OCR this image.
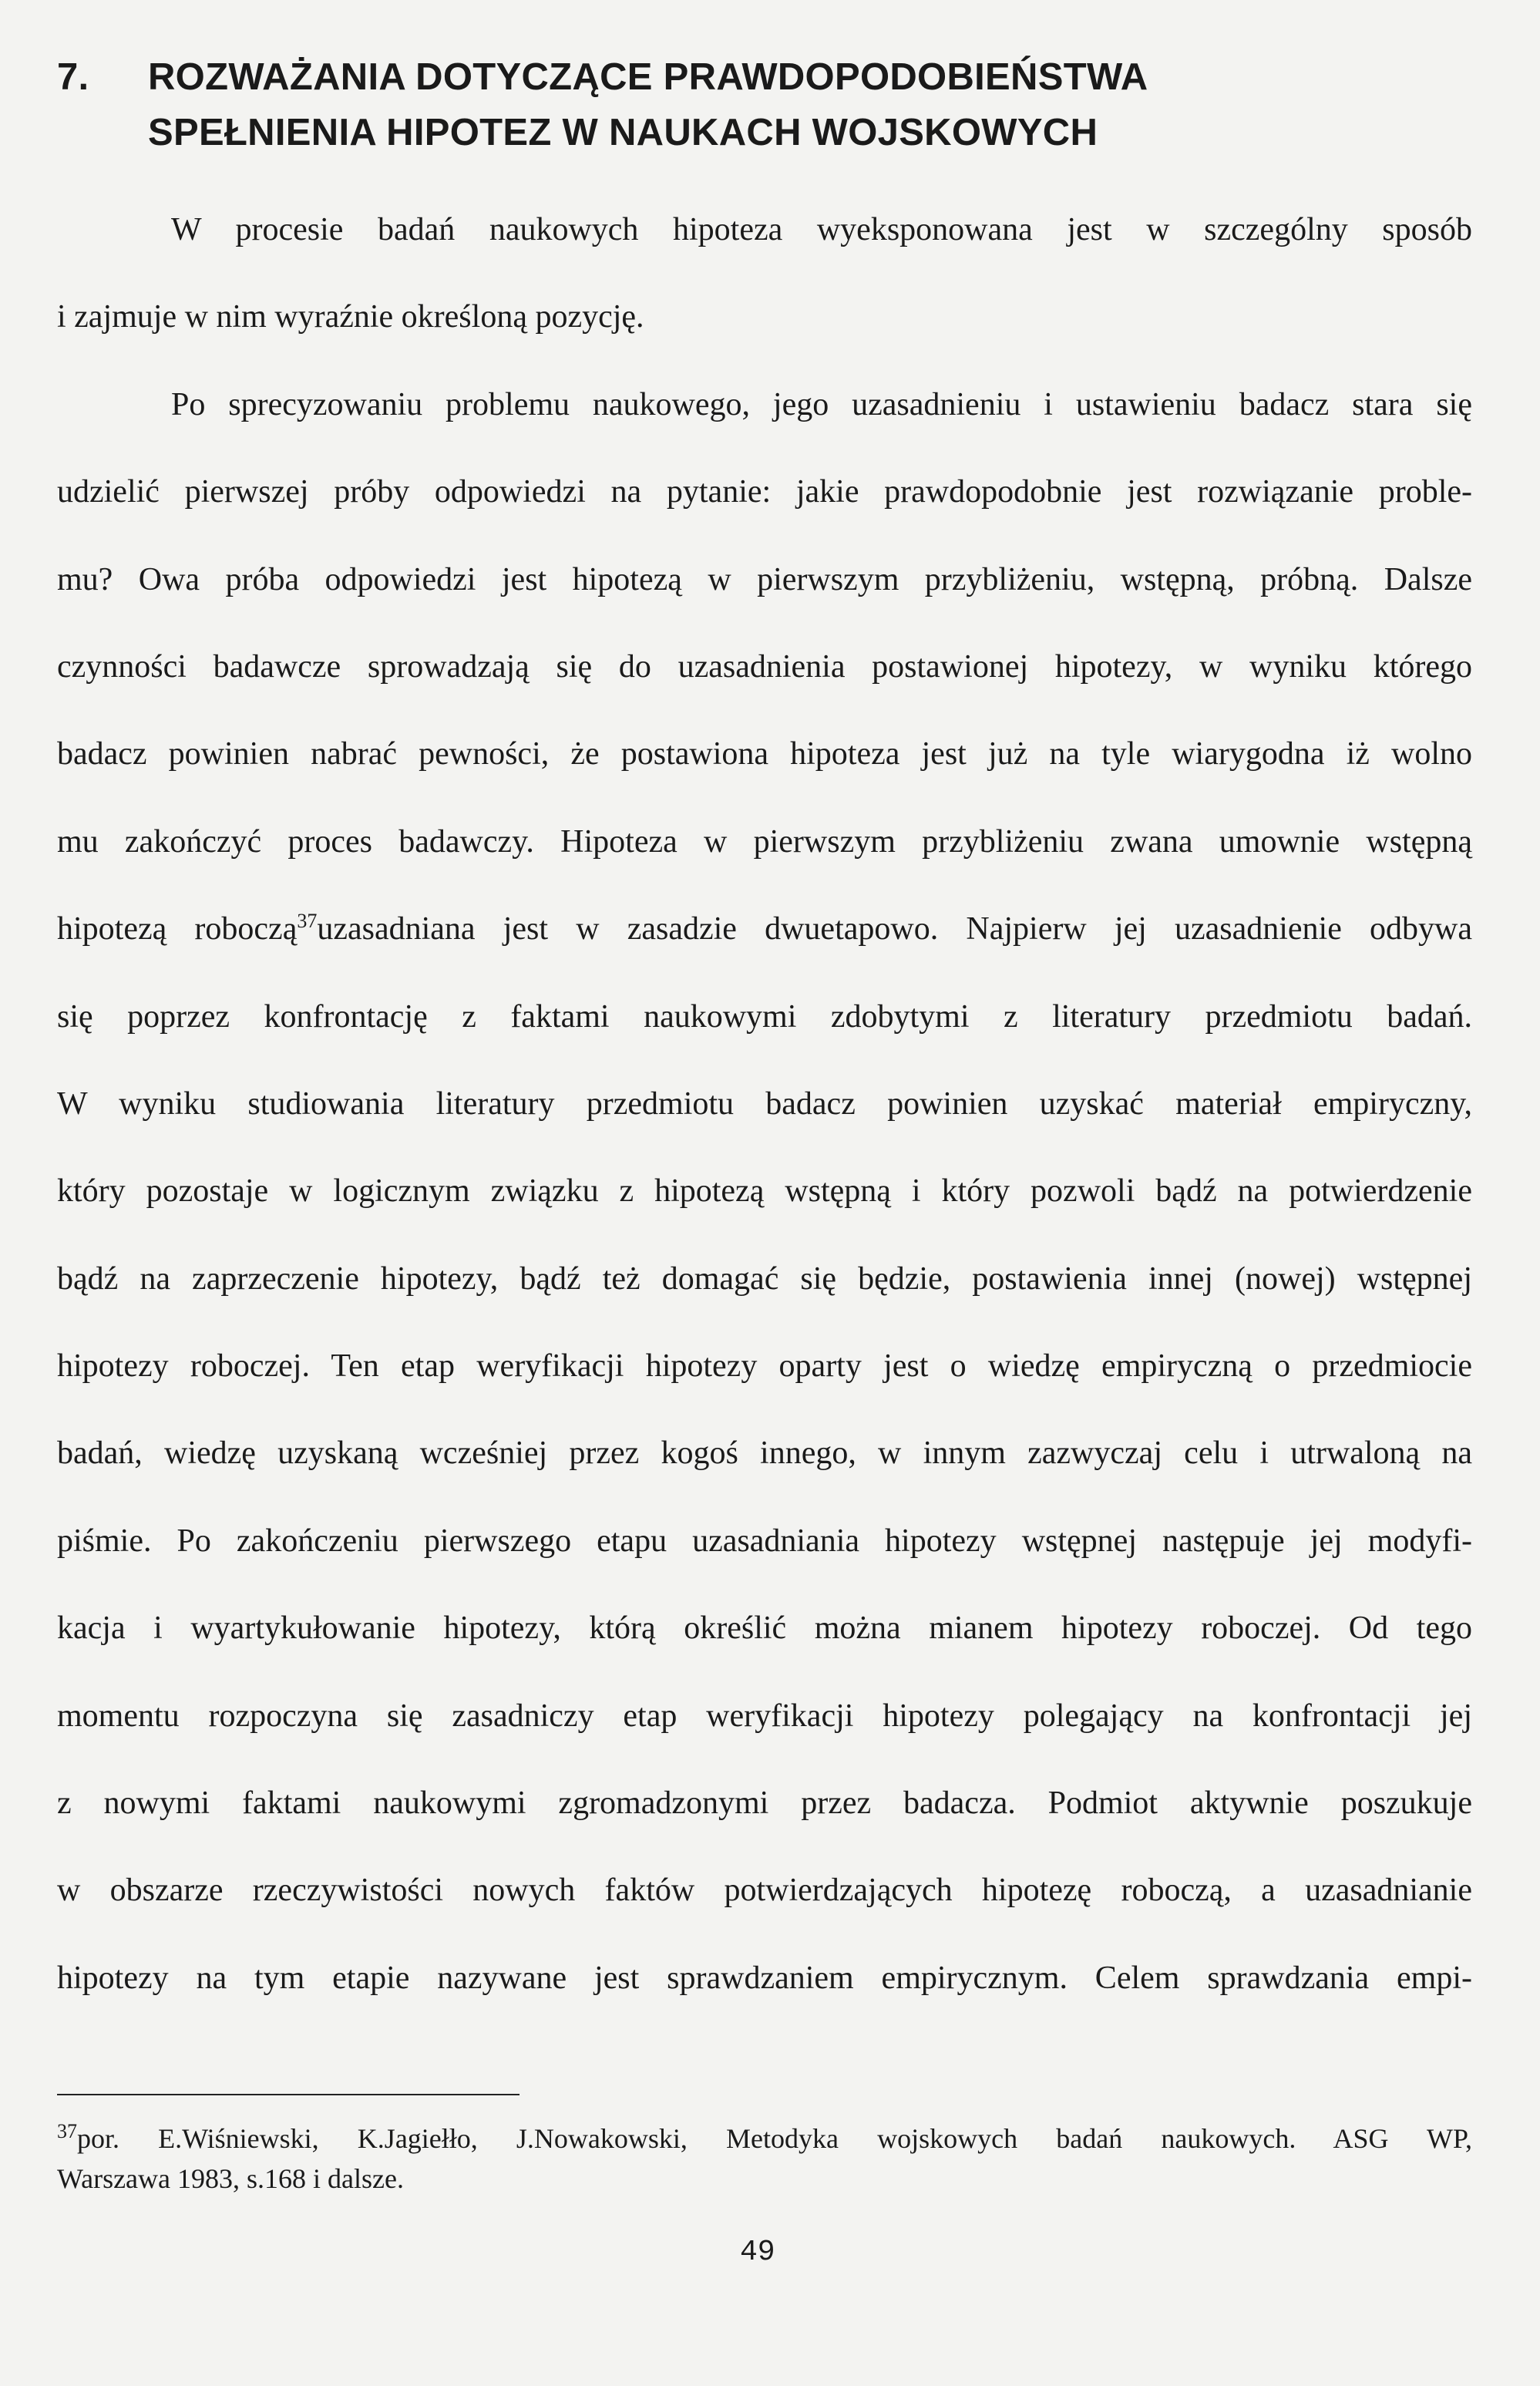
7. ROZWAŻANIA DOTYCZĄCE PRAWDOPODOBIEŃSTWA
SPEŁNIENIA HIPOTEZ W NAUKACH WOJSKOWYCH
W procesie badań naukowych hipoteza wyeksponowana jest w szczególny sposób
i zajmuje w nim wyraźnie określoną pozycję.
Po sprecyzowaniu problemu naukowego, jego uzasadnieniu i ustawieniu badacz stara się
udzielić pierwszej próby odpowiedzi na pytanie: jakie prawdopodobnie jest rozwiązanie proble-
mu? Owa próba odpowiedzi jest hipotezą w pierwszym przybliżeniu, wstępną, próbną. Dalsze
czynności badawcze sprowadzają się do uzasadnienia postawionej hipotezy, w wyniku którego
badacz powinien nabrać pewności, że postawiona hipoteza jest już na tyle wiarygodna iż wolno
mu zakończyć proces badawczy. Hipoteza w pierwszym przybliżeniu zwana umownie wstępną
hipotezą roboczą$^{37}$uzasadniana jest w zasadzie dwuetapowo. Najpierw jej uzasadnienie odbywa
się poprzez konfrontację z faktami naukowymi zdobytymi z literatury przedmiotu badań.
W wyniku studiowania literatury przedmiotu badacz powinien uzyskać materiał empiryczny,
który pozostaje w logicznym związku z hipotezą wstępną i który pozwoli bądź na potwierdzenie
bądź na zaprzeczenie hipotezy, bądź też domagać się będzie, postawienia innej (nowej) wstępnej
hipotezy roboczej. Ten etap weryfikacji hipotezy oparty jest o wiedzę empiryczną o przedmiocie
badań, wiedzę uzyskaną wcześniej przez kogoś innego, w innym zazwyczaj celu i utrwaloną na
piśmie. Po zakończeniu pierwszego etapu uzasadniania hipotezy wstępnej następuje jej modyfi-
kacja i wyartykułowanie hipotezy, którą określić można mianem hipotezy roboczej. Od tego
momentu rozpoczyna się zasadniczy etap weryfikacji hipotezy polegający na konfrontacji jej
z nowymi faktami naukowymi zgromadzonymi przez badacza. Podmiot aktywnie poszukuje
w obszarze rzeczywistości nowych faktów potwierdzających hipotezę roboczą, a uzasadnianie
hipotezy na tym etapie nazywane jest sprawdzaniem empirycznym. Celem sprawdzania empi-
$^{37}$por. E.Wiśniewski, K.Jagiełło, J.Nowakowski, Metodyka wojskowych badań naukowych. ASG WP,
Warszawa 1983, s.168 i dalsze.
49
